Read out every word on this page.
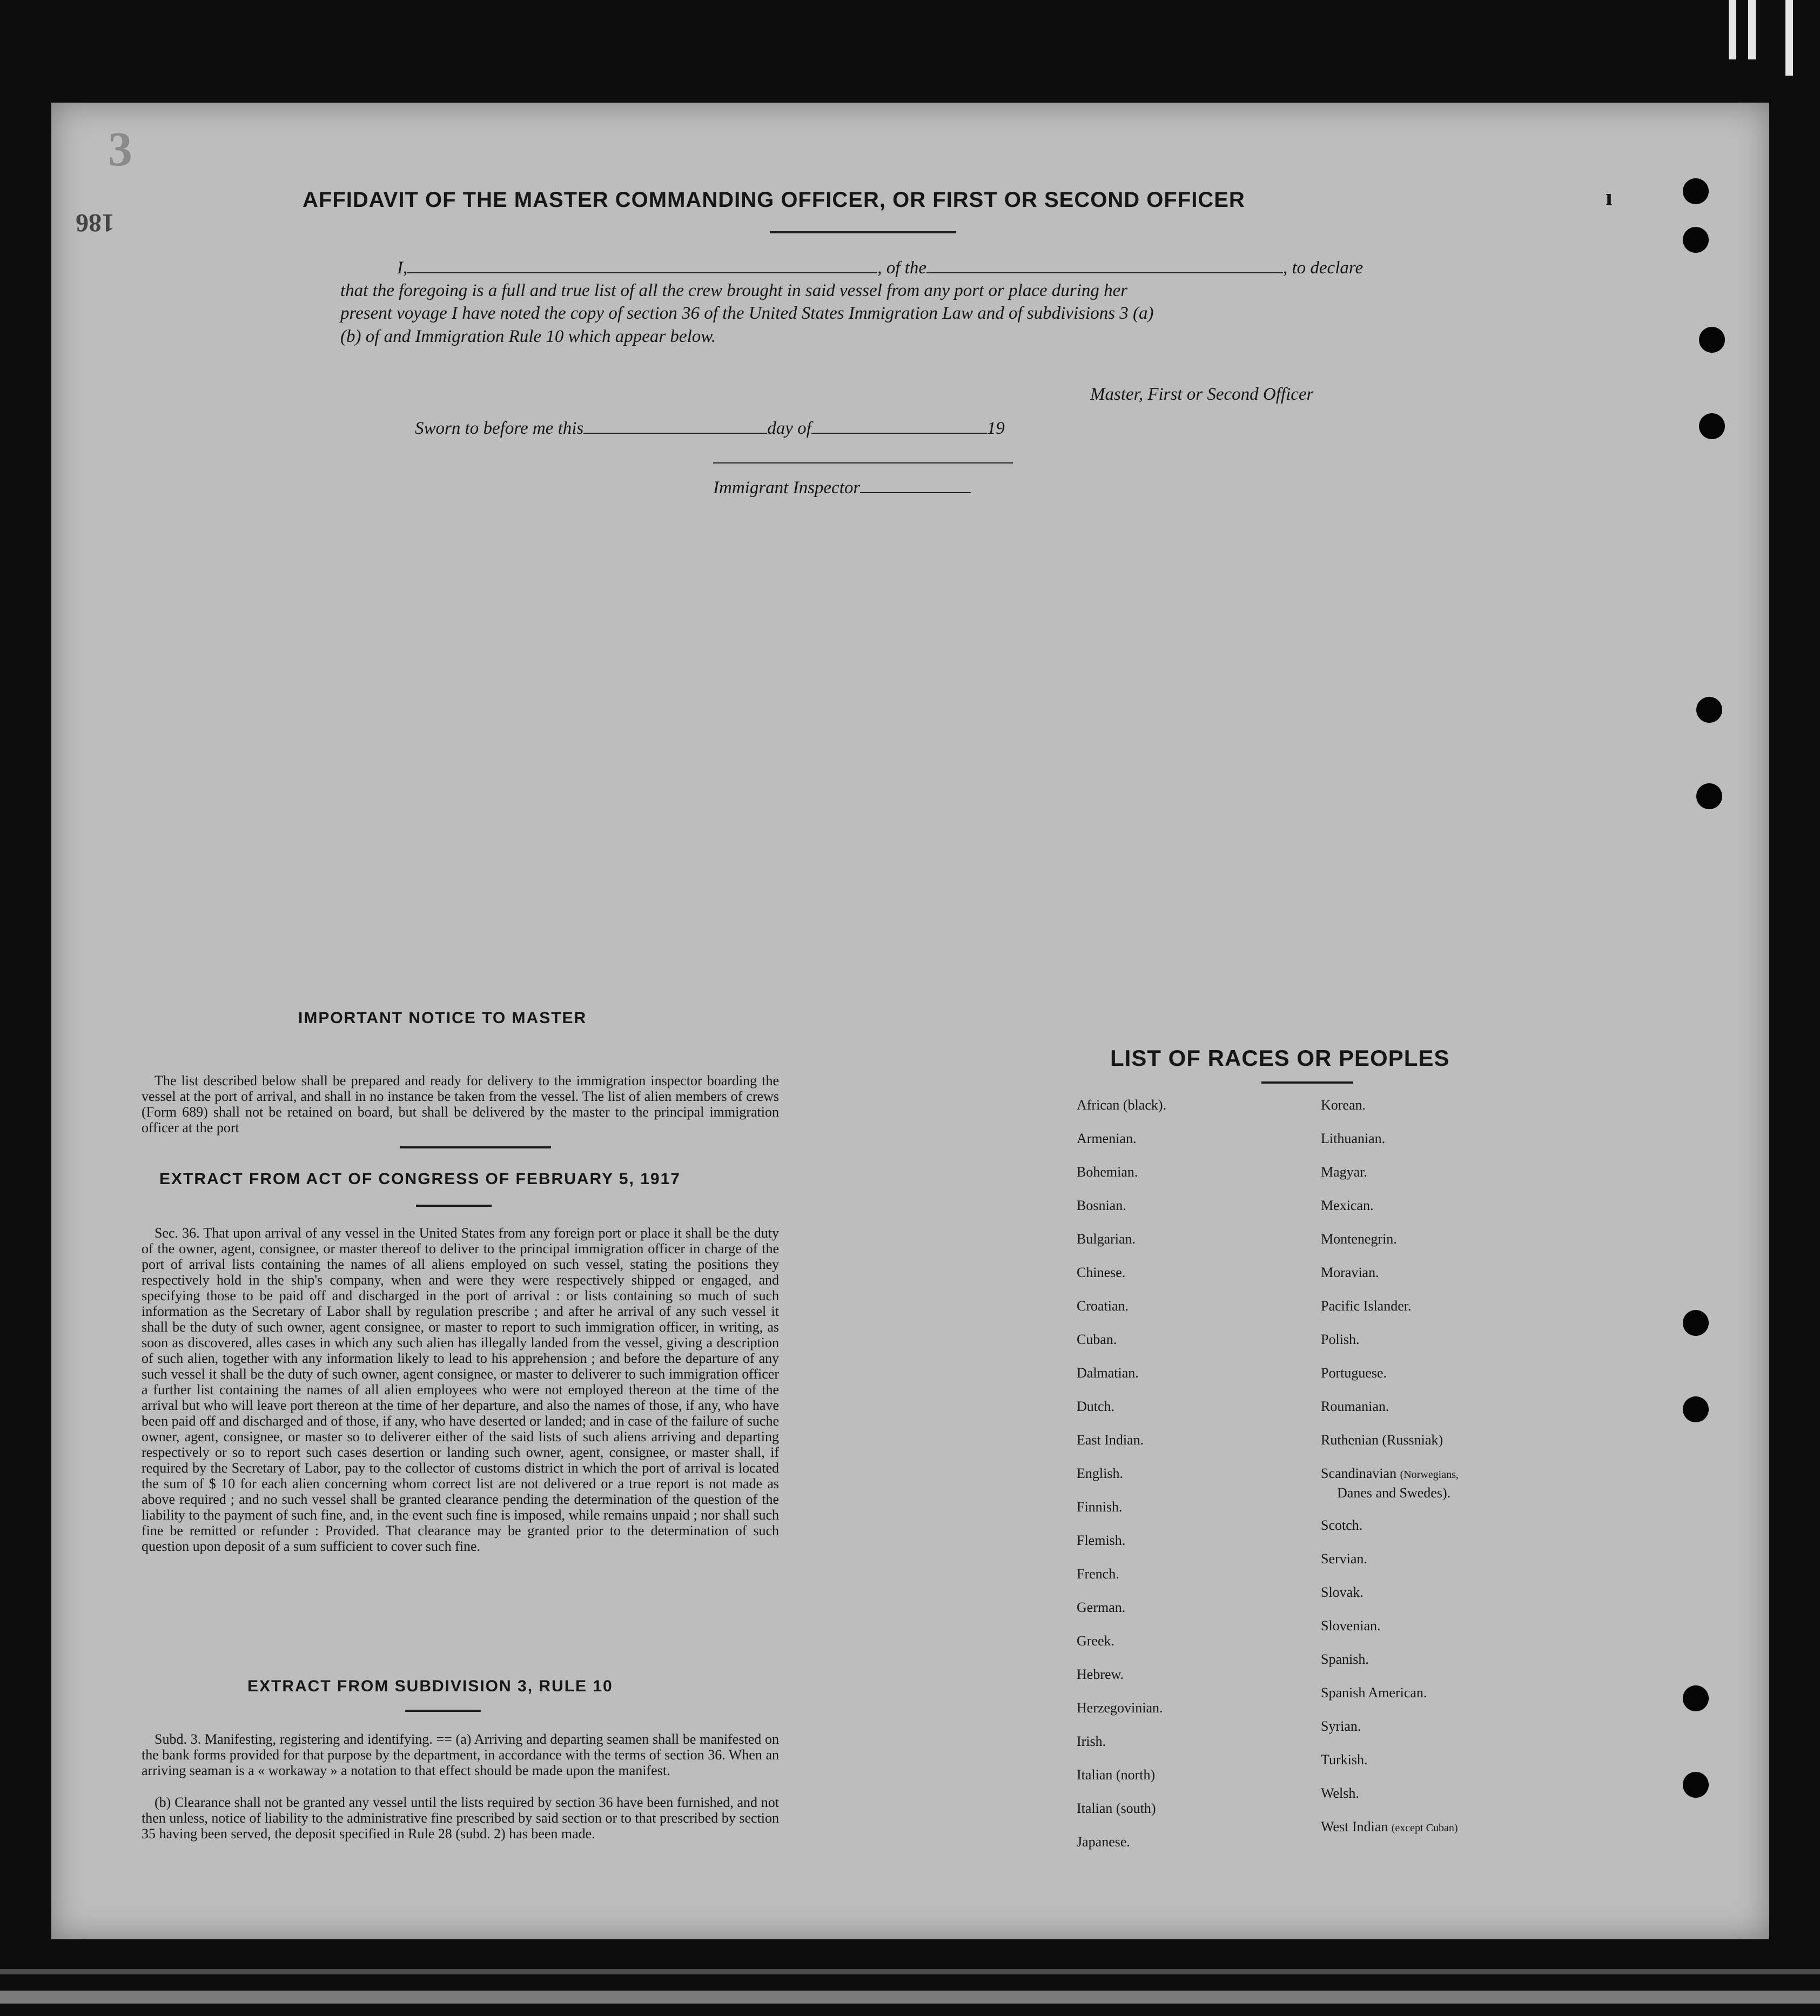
3
186
AFFIDAVIT OF THE MASTER COMMANDING OFFICER, OR FIRST OR SECOND OFFICER	ı
I,	, of the	, to declare
that the foregoing is a full and true list of all the crew brought in said vessel from any port or place during her
present voyage I have noted the copy of section 36 of the United States Immigration Law and of subdivisions 3 (a)
(b) of and Immigration Rule 10 which appear below.
Master, First or Second Officer
Sworn to before me this	day of	19
Immigrant Inspector
IMPORTANT NOTICE TO MASTER
The list described below shall be prepared and ready for delivery to the immigration inspector boarding the vessel at the port of arrival, and shall in no instance be taken from the vessel. The list of alien members of crews (Form 689) shall not be retained on board, but shall be delivered by the master to the principal immigration officer at the port
EXTRACT FROM ACT OF CONGRESS OF FEBRUARY 5, 1917
Sec. 36. That upon arrival of any vessel in the United States from any foreign port or place it shall be the duty of the owner, agent, consignee, or master thereof to deliver to the principal immigration officer in charge of the port of arrival lists containing the names of all aliens employed on such vessel, stating the positions they respectively hold in the ship's company, when and were they were respectively shipped or engaged, and specifying those to be paid off and discharged in the port of arrival : or lists containing so much of such information as the Secretary of Labor shall by regulation prescribe ; and after he arrival of any such vessel it shall be the duty of such owner, agent consignee, or master to report to such immigration officer, in writing, as soon as discovered, alles cases in which any such alien has illegally landed from the vessel, giving a description of such alien, together with any information likely to lead to his apprehension ; and before the departure of any such vessel it shall be the duty of such owner, agent consignee, or master to deliverer to such immigration officer a further list containing the names of all alien employees who were not employed thereon at the time of the arrival but who will leave port thereon at the time of her departure, and also the names of those, if any, who have been paid off and discharged and of those, if any, who have deserted or landed; and in case of the failure of suche owner, agent, consignee, or master so to deliverer either of the said lists of such aliens arriving and departing respectively or so to report such cases desertion or landing such owner, agent, consignee, or master shall, if required by the Secretary of Labor, pay to the collector of customs district in which the port of arrival is located the sum of $ 10 for each alien concerning whom correct list are not delivered or a true report is not made as above required ; and no such vessel shall be granted clearance pending the determination of the question of the liability to the payment of such fine, and, in the event such fine is imposed, while remains unpaid ; nor shall such fine be remitted or refunder : Provided. That clearance may be granted prior to the determination of such question upon deposit of a sum sufficient to cover such fine.
EXTRACT FROM SUBDIVISION 3, RULE 10
Subd. 3. Manifesting, registering and identifying. == (a) Arriving and departing seamen shall be manifested on the bank forms provided for that purpose by the department, in accordance with the terms of section 36. When an arriving seaman is a « workaway » a notation to that effect should be made upon the manifest.
(b) Clearance shall not be granted any vessel until the lists required by section 36 have been furnished, and not then unless, notice of liability to the administrative fine prescribed by said section or to that prescribed by section 35 having been served, the deposit specified in Rule 28 (subd. 2) has been made.
LIST OF RACES OR PEOPLES
African (black).
Armenian.
Bohemian.
Bosnian.
Bulgarian.
Chinese.
Croatian.
Cuban.
Dalmatian.
Dutch.
East Indian.
English.
Finnish.
Flemish.
French.
German.
Greek.
Hebrew.
Herzegovinian.
Irish.
Italian (north)
Italian (south)
Japanese.
Korean.
Lithuanian.
Magyar.
Mexican.
Montenegrin.
Moravian.
Pacific Islander.
Polish.
Portuguese.
Roumanian.
Ruthenian (Russniak)
Scandinavian (Norwegians,
Danes and Swedes).
Scotch.
Servian.
Slovak.
Slovenian.
Spanish.
Spanish American.
Syrian.
Turkish.
Welsh.
West Indian (except Cuban)
